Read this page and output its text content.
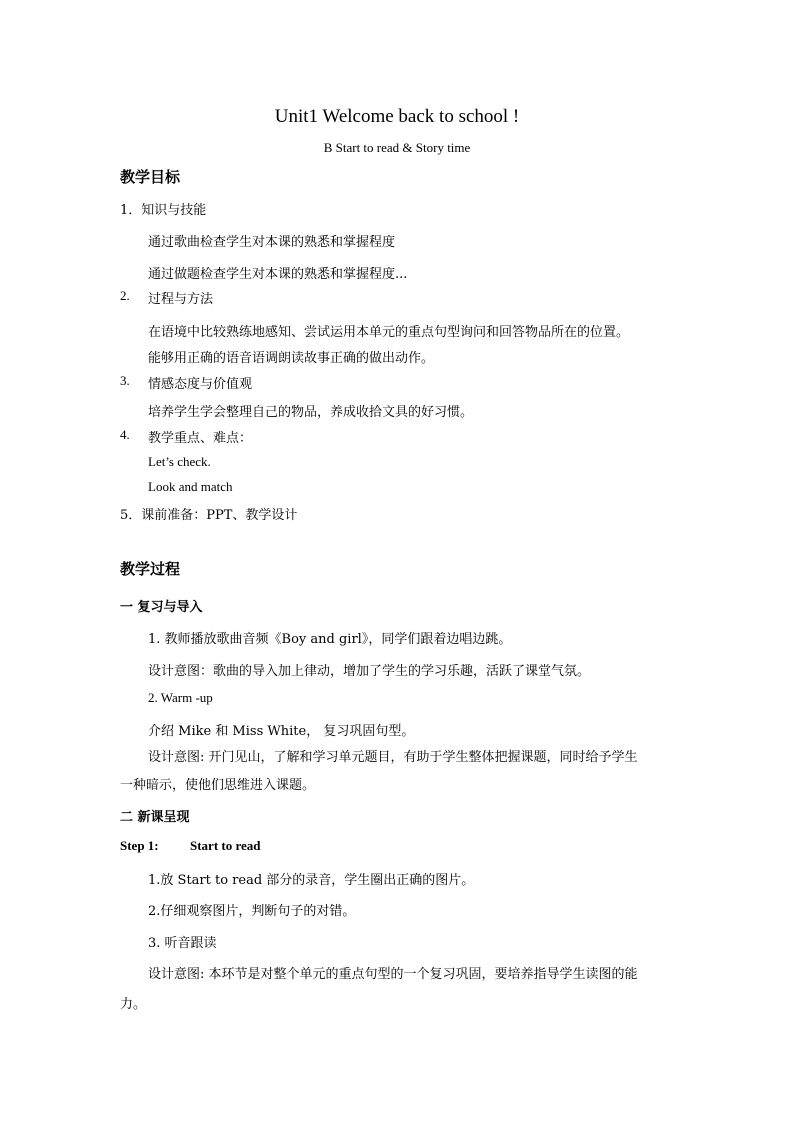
Unit1 Welcome back to school !
B Start to read & Story time
教学目标
1．知识与技能
通过歌曲检查学生对本课的熟悉和掌握程度
通过做题检查学生对本课的熟悉和掌握程度...
2. 过程与方法
在语境中比较熟练地感知、尝试运用本单元的重点句型询问和回答物品所在的位置。
能够用正确的语音语调朗读故事正确的做出动作。
3. 情感态度与价值观
培养学生学会整理自己的物品，养成收拾文具的好习惯。
4. 教学重点、难点：
Let’s check.
Look and match
5．课前准备：PPT、教学设计
教学过程
一 复习与导入
1. 教师播放歌曲音频《Boy and girl》，同学们跟着边唱边跳。
设计意图：歌曲的导入加上律动，增加了学生的学习乐趣，活跃了课堂气氛。
2. Warm -up
介绍 Mike 和 Miss White， 复习巩固句型。
设计意图: 开门见山，了解和学习单元题目，有助于学生整体把握课题，同时给予学生
一种暗示，使他们思维进入课题。
二 新课呈现
Step 1: Start to read
1.放 Start to read 部分的录音，学生圈出正确的图片。
2.仔细观察图片，判断句子的对错。
3. 听音跟读
设计意图: 本环节是对整个单元的重点句型的一个复习巩固，要培养指导学生读图的能
力。
